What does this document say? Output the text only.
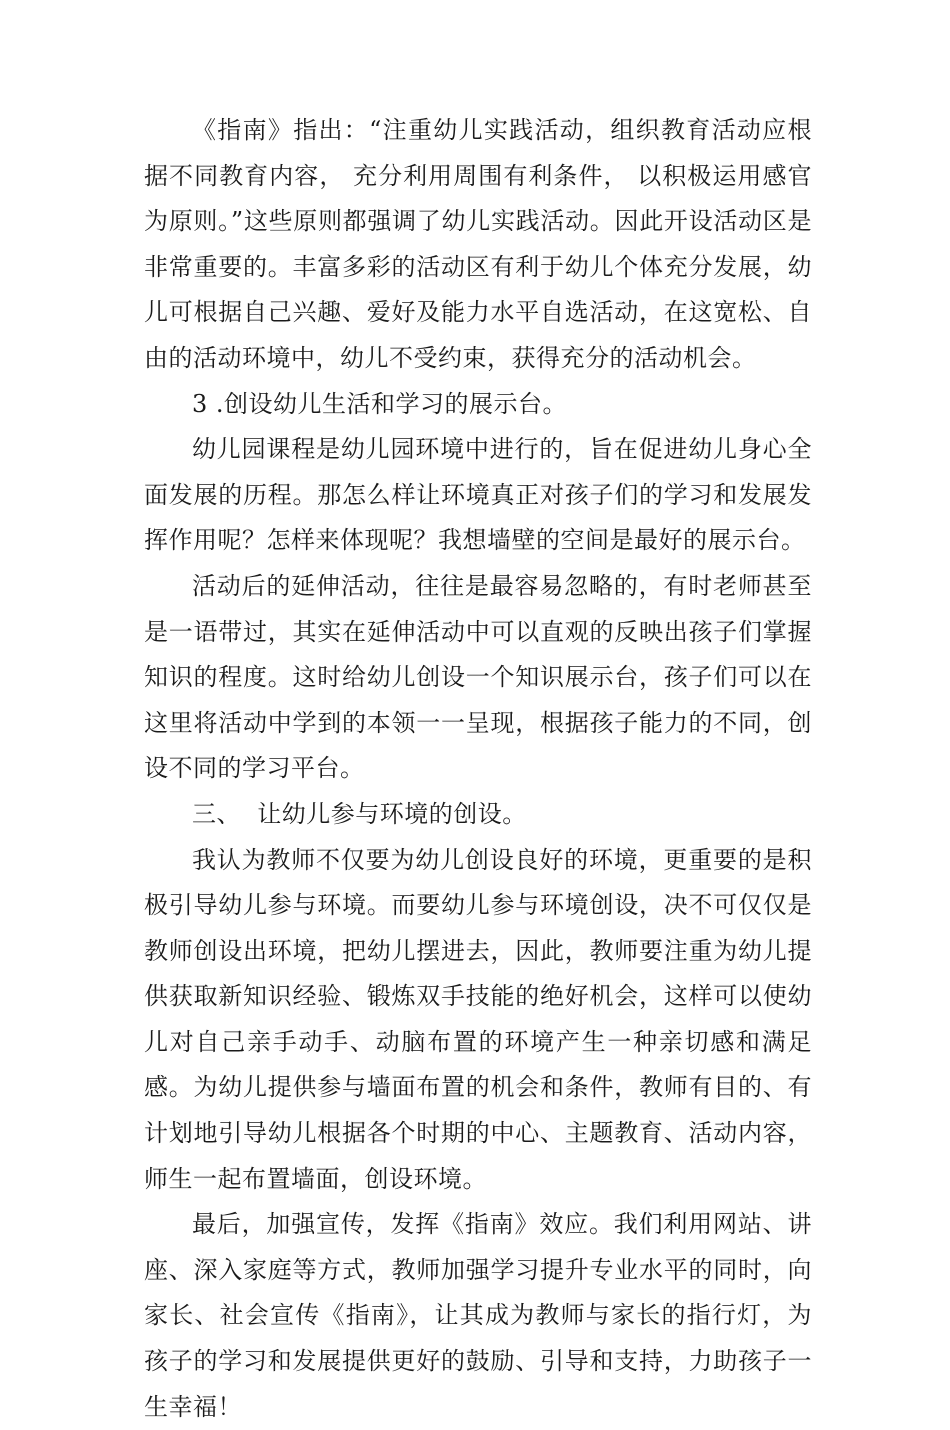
《指南》指出：“注重幼儿实践活动，组织教育活动应根据不同教育内容， 充分利用周围有利条件， 以积极运用感官为原则。”这些原则都强调了幼儿实践活动。因此开设活动区是非常重要的。丰富多彩的活动区有利于幼儿个体充分发展，幼儿可根据自己兴趣、爱好及能力水平自选活动，在这宽松、自由的活动环境中，幼儿不受约束，获得充分的活动机会。

3 .创设幼儿生活和学习的展示台。

幼儿园课程是幼儿园环境中进行的，旨在促进幼儿身心全面发展的历程。那怎么样让环境真正对孩子们的学习和发展发挥作用呢？怎样来体现呢？我想墙壁的空间是最好的展示台。

活动后的延伸活动，往往是最容易忽略的，有时老师甚至是一语带过，其实在延伸活动中可以直观的反映出孩子们掌握知识的程度。这时给幼儿创设一个知识展示台，孩子们可以在这里将活动中学到的本领一一呈现，根据孩子能力的不同，创设不同的学习平台。

三、  让幼儿参与环境的创设。

我认为教师不仅要为幼儿创设良好的环境，更重要的是积极引导幼儿参与环境。而要幼儿参与环境创设，决不可仅仅是教师创设出环境，把幼儿摆进去，因此，教师要注重为幼儿提供获取新知识经验、锻炼双手技能的绝好机会，这样可以使幼儿对自己亲手动手、动脑布置的环境产生一种亲切感和满足感。为幼儿提供参与墙面布置的机会和条件，教师有目的、有计划地引导幼儿根据各个时期的中心、主题教育、活动内容，师生一起布置墙面，创设环境。

最后，加强宣传，发挥《指南》效应。我们利用网站、讲座、深入家庭等方式，教师加强学习提升专业水平的同时，向家长、社会宣传《指南》，让其成为教师与家长的指行灯，为孩子的学习和发展提供更好的鼓励、引导和支持，力助孩子一生幸福！
